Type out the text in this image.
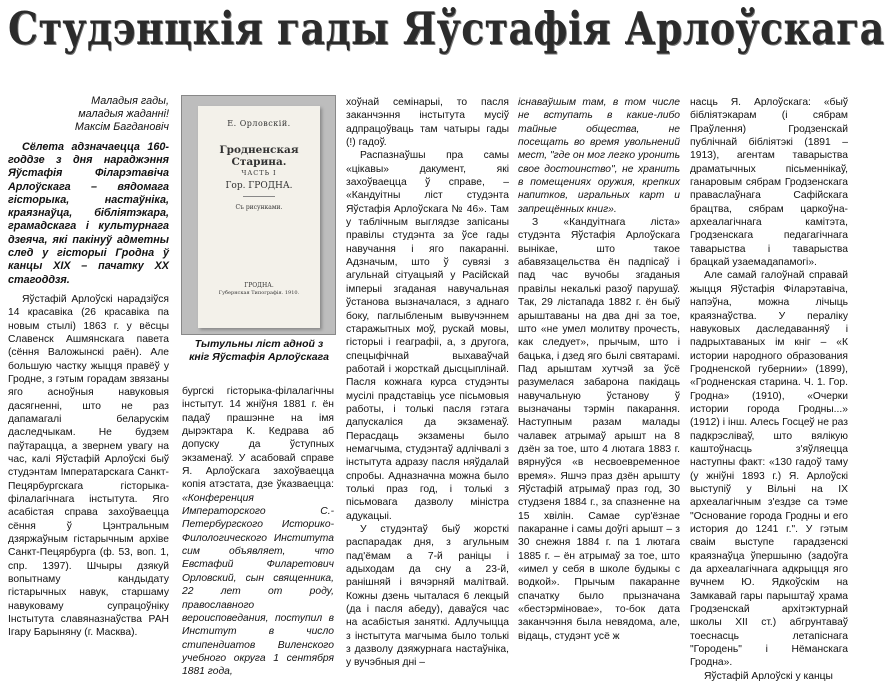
Студэнцкія гады Яўстафія Арлоўскага
Маладыя гады,
маладыя жаданні!
Максім Багдановіч

Сёлета адзначаецца 160-годдзе з дня нараджэння Яўстафія Філарэтавіча Арлоўскага – вядомага гісторыка, настаўніка, краязнаўца, бібліятэкара, грамадскага і культурнага дзеяча, які пакінуў адметны след у гісторыі Гродна ў канцы XIX – пачатку XX стагоддзя.

Яўстафій Арлоўскі нарадзіўся 14 красавіка (26 красавіка па новым стылі) 1863 г. у вёсцы Славенск Ашмянскага павета (сёння Валожынскі раён). Але большую частку жыцця правёў у Гродне, з гэтым горадам звязаны яго асноўныя навуковыя дасягненні, што не раз дапамагалі беларускім даследчыкам. Не будзем паўтарацца, а звернем увагу на час, калі Яўстафій Арлоўскі быў студэнтам Імператарскага Санкт-Пецярбургскага гісторыка-філалагічнага інстытута. Яго асабістая справа захоўваецца сёння ў Цэнтральным дзяржаўным гістарычным архіве Санкт-Пецярбурга (ф. 53, воп. 1, спр. 1397). Шчыры дзякуй вопытнаму кандыдату гістарычных навук, старшаму навуковаму супрацоўніку Інстытута славяназнаўства РАН Ігару Барыняну (г. Масква).

Е. Орловскій.
Гродненская Старина.
ЧАСТЬ I
Гор. ГРОДНА.
Съ рисунками.
ГРОДНА.
Губернская Типографія. 1910.
Тытульны ліст адной з кніг Яўстафія Арлоўскага

бургскі гісторыка-філалагічны інстытут. 14 жніўня 1881 г. ён падаў прашэнне на імя дырэктара К. Кедрава аб допуску да ўступных экзаменаў. У асабовай справе Я. Арлоўскага захоўваецца копія атэстата, дзе ўказваецца: «Конференция Императорского С.-Петербургского Историко-Филологического Института сим объявляет, что Евстафий Филаретович Орловский, сын священника, 22 лет от роду, православного вероисповедания, поступил в Институт в число стипендиатов Виленского учебного округа 1 сентября 1881 года,

хоўнай семінарыі, то пасля заканчэння інстытута мусіў адпрацоўваць там чатыры гады (!) гадоў.

Распазнаўшы пра самы «цікавы» дакумент, які захоўваецца ў справе, – «Кандуітны ліст студэнта Яўстафія Арлоўскага № 46». Там у таблічным выглядзе запісаны правілы студэнта за ўсе гады навучання і яго пакаранні. Адзначым, што ў сувязі з агульнай сітуацыяй у Расійскай імперыі згаданая навучальная ўстанова вызначалася, з аднаго боку, паглыбленым вывучэннем старажытных моў, рускай мовы, гісторыі і геаграфіі, а, з другога, спецыфічнай выхаваўчай работай і жорсткай дысцыплінай. Пасля кожнага курса студэнты мусілі прадставіць усе пісьмовыя работы, і толькі пасля гэтага дапускаліся да экзаменаў. Перасдаць экзамены было немагчыма, студэнтаў адлічвалі з інстытута адразу пасля няўдалай спробы. Адназначна можна было толькі праз год, і толькі з пісьмовага дазволу міністра адукацыі.

У студэнтаў быў жорсткі распарадак дня, з агульным пад'ёмам а 7-й раніцы і адыходам да сну а 23-й, ранішняй і вячэрняй малітвай. Кожны дзень чыталася 6 лекцый (да і пасля абеду), даваўся час на асабістыя заняткі. Адлучыцца з інстытута магчыма было толькі з дазволу дзяжурнага настаўніка, у вучэбныя дні –

існаваўшым там, в том числе не вступать в какие-либо тайные общества, не посещать во время увольнений мест, "где он мог легко уронить свое достоинство", не хранить в помещениях оружия, крепких напитков, игральных карт и запрещённых книг».

З «Кандуітнага ліста» студэнта Яўстафія Арлоўскага вынікае, што такое абавязацельства ён падпісаў і пад час вучобы згаданыя правілы некалькі разоў парушаў. Так, 29 лістапада 1882 г. ён быў арыштаваны на два дні за тое, што «не умел молитву прочесть, как следует», прычым, што і бацька, і дзед яго былі святарамі. Пад арыштам хутчэй за ўсё разумелася забарона пакідаць навучальную ўстанову ў вызначаны тэрмін пакарання. Наступным разам малады чалавек атрымаў арышт на 8 дзён за тое, што 4 лютага 1883 г. вярнуўся «в несвоевременное время». Яшчэ праз дзён арышту Яўстафій атрымаў праз год, 30 студзеня 1884 г., за спазненне на 15 хвілін. Самае сур'ёзнае пакаранне і самы доўгі арышт – з 30 снежня 1884 г. па 1 лютага 1885 г. – ён атрымаў за тое, што «имел у себя в школе будыкы с водкой». Прычым пакаранне спачатку было прызначана «бестэрміновае», то-бок дата заканчэння была невядома, але, відаць, студэнт усё ж

насць Я. Арлоўскага: «быў бібліятэкарам (і сябрам Праўлення) Гродзенскай публічнай бібліятэкі (1891 – 1913), агентам таварыства драматычных пісьменнікаў, ганаровым сябрам Гродзенскага праваслаўнага Сафійскага брацтва, сябрам царкоўна-археалагічнага камітэта, Гродзенскага педагагічнага таварыства і таварыства брацкай узаемадапамогі».

Але самай галоўнай справай жыцця Яўстафія Філарэтавіча, напэўна, можна лічыць краязнаўства. У пераліку навуковых даследаванняў і падрыхтаваных ім кніг – «К истории народного образования Гродненской губернии» (1899), «Гродненская старина. Ч. 1. Гор. Гродна» (1910), «Очерки истории города Гродны...» (1912) і інш. Алесь Госцеў не раз падкрэсліваў, што вялікую каштоўнасць з'яўляецца наступны факт: «130 гадоў таму (у жніўні 1893 г.) Я. Арлоўскі выступіў у Вільні на IX археалагічным з'ездзе са тэме "Основание города Гродны и его история до 1241 г.". У гэтым сваім выступе гарадзенскі краязнаўца ўпершыню (задоўга да археалагічнага адкрыцця яго вучнем Ю. Ядкоўскім на Замкавай гары парыштаў храма Гродзенскай архітэктурнай школы XII ст.) абгрунтаваў тоеснасць летапіснага "Городень" і Нёманскага Гродна».

Яўстафій Арлоўскі у канцы
